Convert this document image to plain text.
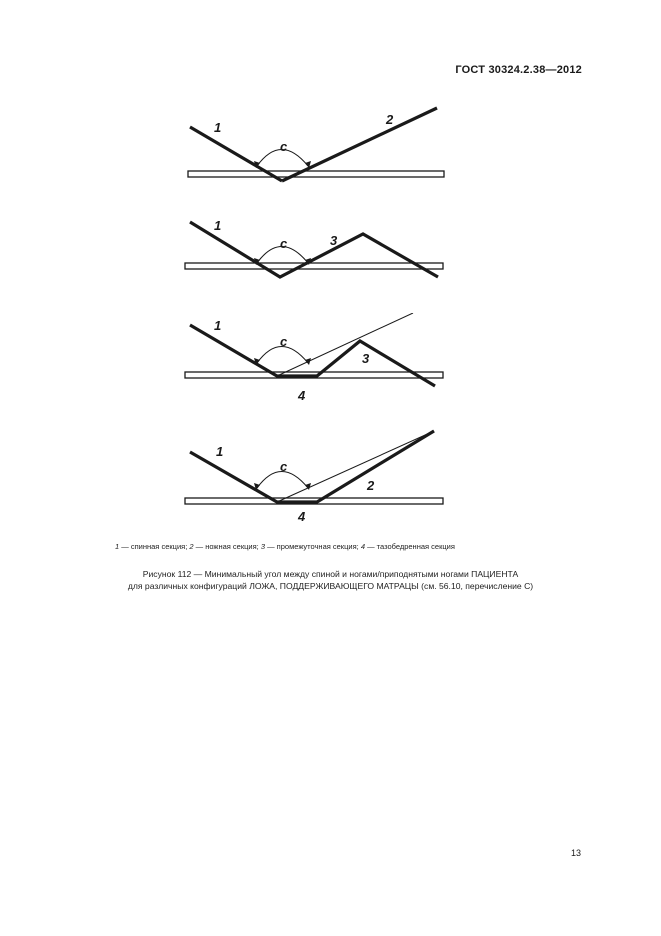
ГОСТ 30324.2.38—2012
1
2
c
1
3
c
1
3
4
c
1
2
4
c
1 — спинная секция; 2 — ножная секция; 3 — промежуточная секция; 4 — тазобедренная секция
Рисунок 112 — Минимальный угол между спиной и ногами/приподнятыми ногами ПАЦИЕНТА
для различных конфигураций ЛОЖА, ПОДДЕРЖИВАЮЩЕГО МАТРАЦЫ (см. 56.10, перечисление С)
13
